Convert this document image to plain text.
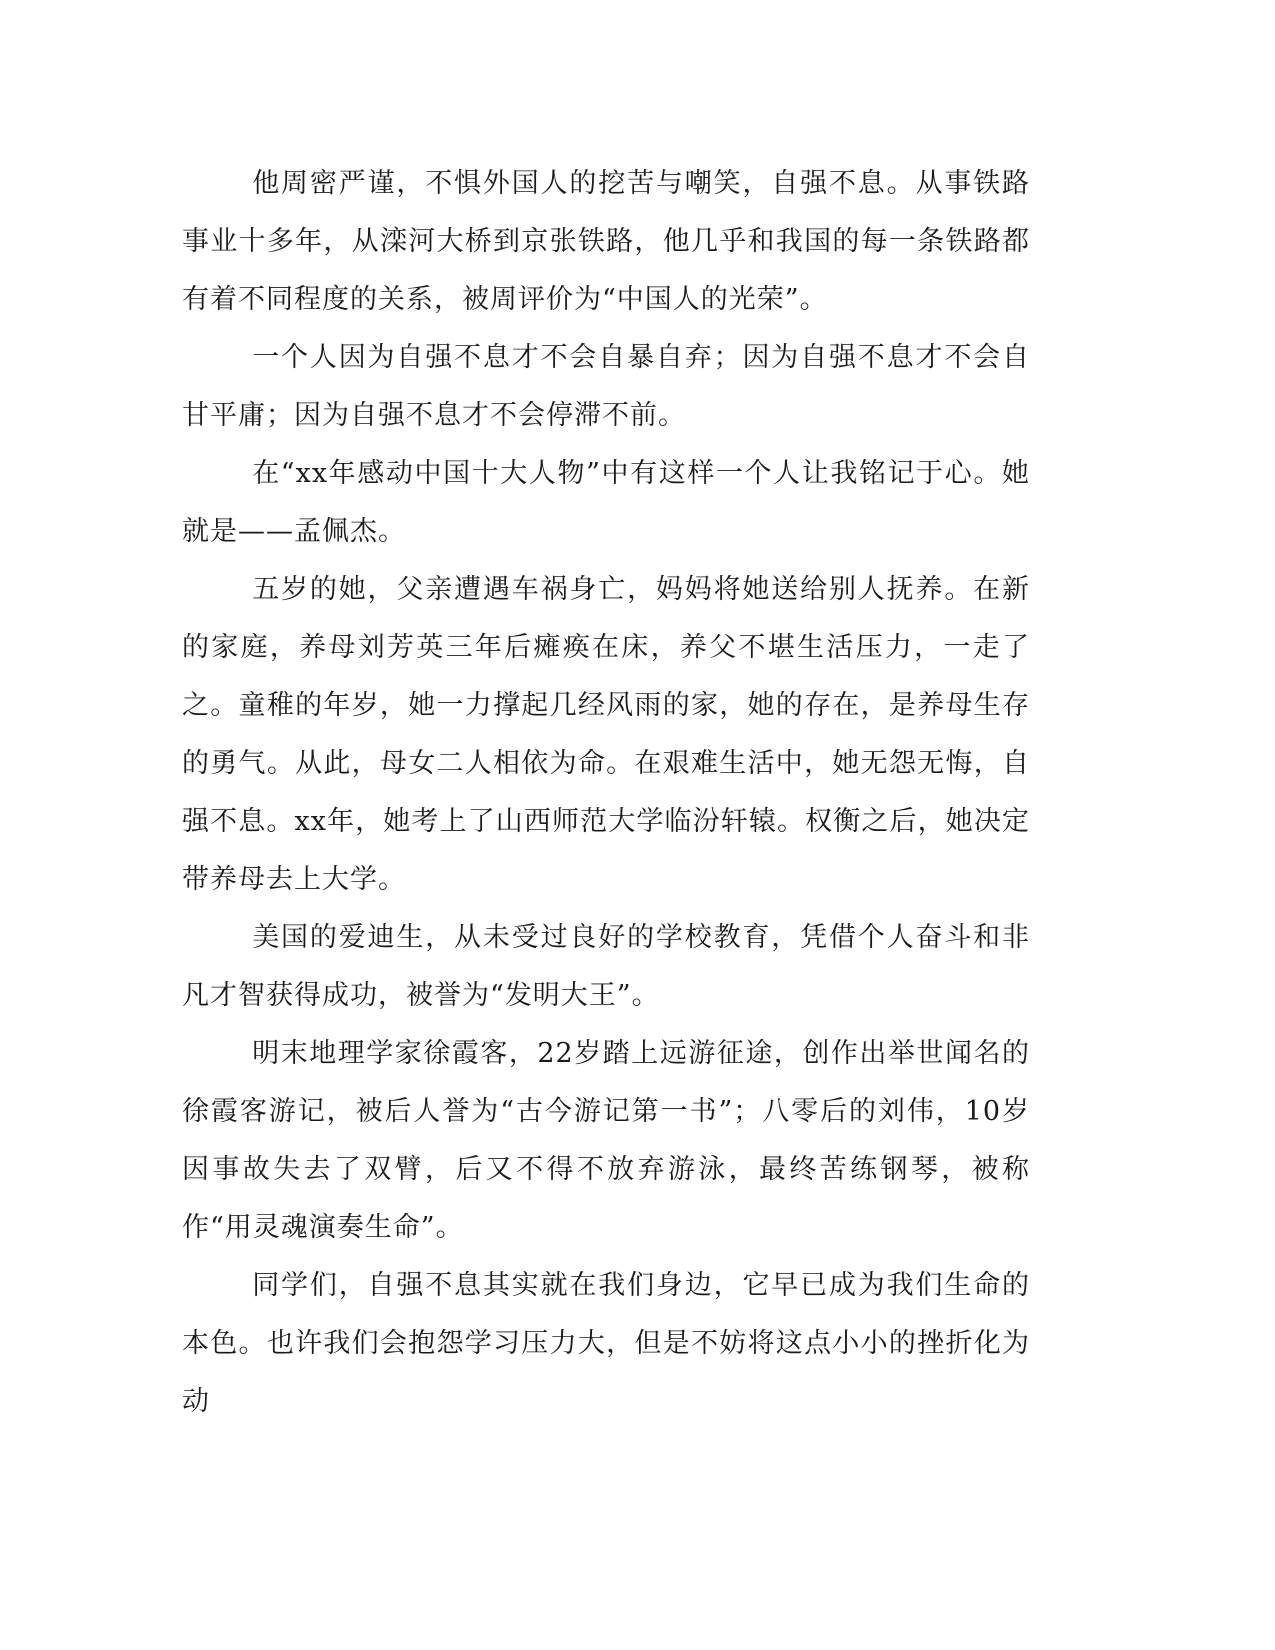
他周密严谨，不惧外国人的挖苦与嘲笑，自强不息。从事铁路事业十多年，从滦河大桥到京张铁路，他几乎和我国的每一条铁路都有着不同程度的关系，被周评价为“中国人的光荣”。

一个人因为自强不息才不会自暴自弃；因为自强不息才不会自甘平庸；因为自强不息才不会停滞不前。

在“xx年感动中国十大人物”中有这样一个人让我铭记于心。她就是——孟佩杰。

五岁的她，父亲遭遇车祸身亡，妈妈将她送给别人抚养。在新的家庭，养母刘芳英三年后瘫痪在床，养父不堪生活压力，一走了之。童稚的年岁，她一力撑起几经风雨的家，她的存在，是养母生存的勇气。从此，母女二人相依为命。在艰难生活中，她无怨无悔，自强不息。xx年，她考上了山西师范大学临汾轩辕。权衡之后，她决定带养母去上大学。

美国的爱迪生，从未受过良好的学校教育，凭借个人奋斗和非凡才智获得成功，被誉为“发明大王”。

明末地理学家徐霞客，22岁踏上远游征途，创作出举世闻名的徐霞客游记，被后人誉为“古今游记第一书”；八零后的刘伟，10岁因事故失去了双臂，后又不得不放弃游泳，最终苦练钢琴，被称作“用灵魂演奏生命”。

同学们，自强不息其实就在我们身边，它早已成为我们生命的本色。也许我们会抱怨学习压力大，但是不妨将这点小小的挫折化为动
